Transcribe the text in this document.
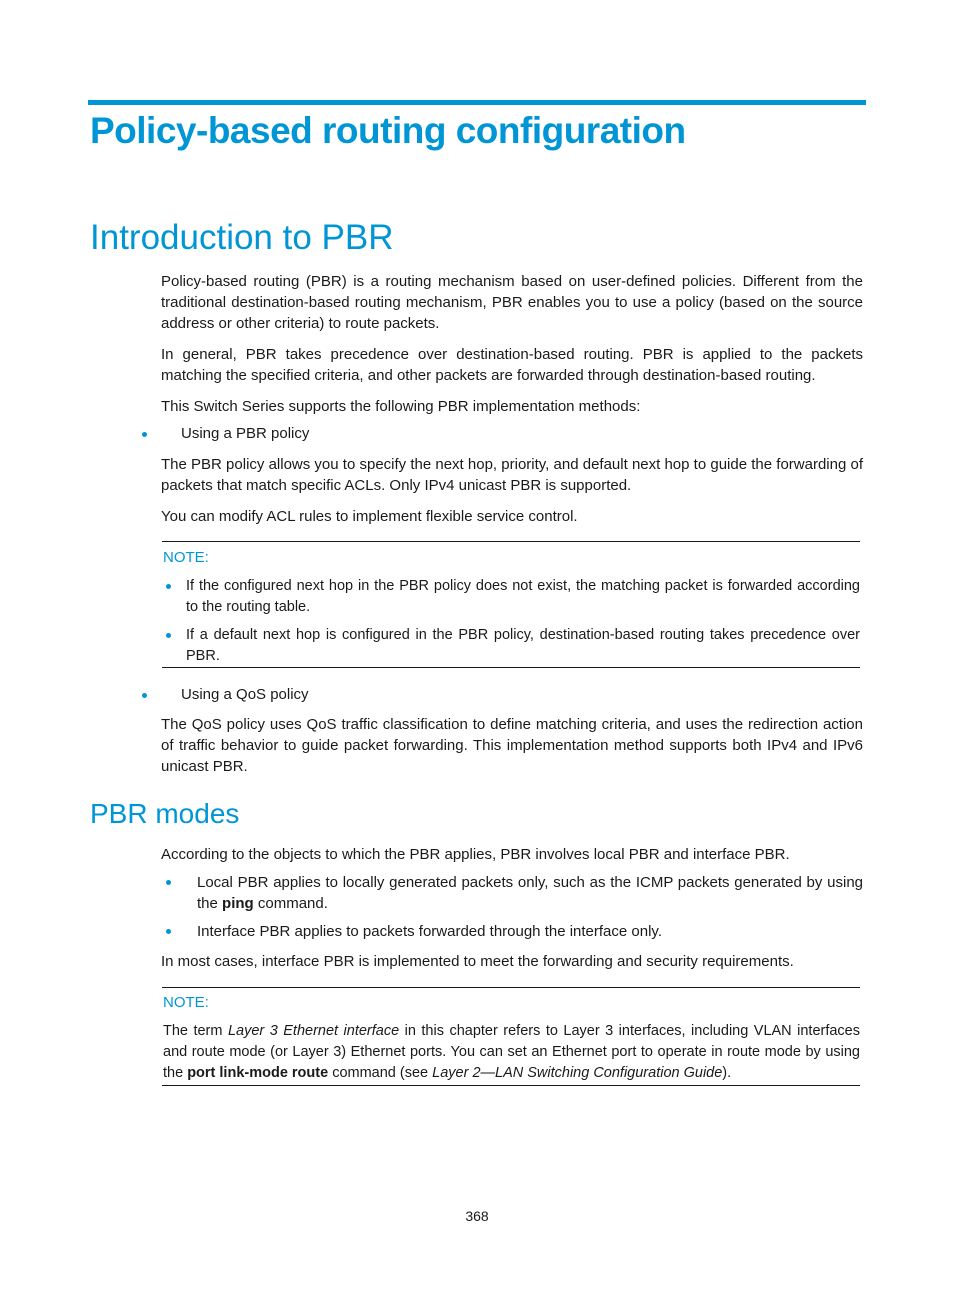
Policy-based routing configuration
Introduction to PBR
Policy-based routing (PBR) is a routing mechanism based on user-defined policies. Different from the traditional destination-based routing mechanism, PBR enables you to use a policy (based on the source address or other criteria) to route packets.
In general, PBR takes precedence over destination-based routing. PBR is applied to the packets matching the specified criteria, and other packets are forwarded through destination-based routing.
This Switch Series supports the following PBR implementation methods:
Using a PBR policy
The PBR policy allows you to specify the next hop, priority, and default next hop to guide the forwarding of packets that match specific ACLs. Only IPv4 unicast PBR is supported.
You can modify ACL rules to implement flexible service control.
NOTE:
If the configured next hop in the PBR policy does not exist, the matching packet is forwarded according to the routing table.
If a default next hop is configured in the PBR policy, destination-based routing takes precedence over PBR.
Using a QoS policy
The QoS policy uses QoS traffic classification to define matching criteria, and uses the redirection action of traffic behavior to guide packet forwarding. This implementation method supports both IPv4 and IPv6 unicast PBR.
PBR modes
According to the objects to which the PBR applies, PBR involves local PBR and interface PBR.
Local PBR applies to locally generated packets only, such as the ICMP packets generated by using the ping command.
Interface PBR applies to packets forwarded through the interface only.
In most cases, interface PBR is implemented to meet the forwarding and security requirements.
NOTE:
The term Layer 3 Ethernet interface in this chapter refers to Layer 3 interfaces, including VLAN interfaces and route mode (or Layer 3) Ethernet ports. You can set an Ethernet port to operate in route mode by using the port link-mode route command (see Layer 2—LAN Switching Configuration Guide).
368
